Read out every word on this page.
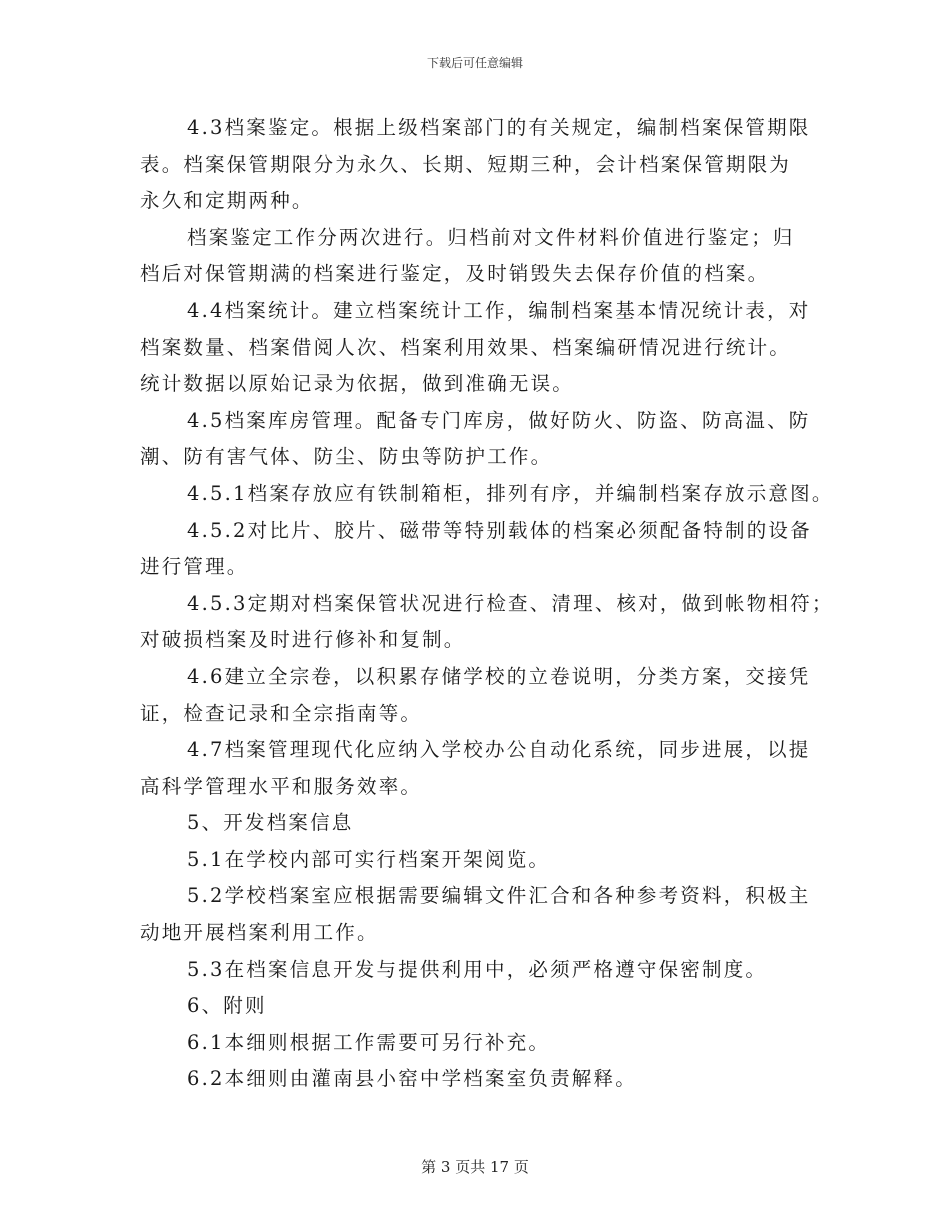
下载后可任意编辑
4.3档案鉴定。根据上级档案部门的有关规定，编制档案保管期限
表。档案保管期限分为永久、长期、短期三种，会计档案保管期限为
永久和定期两种。
档案鉴定工作分两次进行。归档前对文件材料价值进行鉴定；归
档后对保管期满的档案进行鉴定，及时销毁失去保存价值的档案。
4.4档案统计。建立档案统计工作，编制档案基本情况统计表，对
档案数量、档案借阅人次、档案利用效果、档案编研情况进行统计。
统计数据以原始记录为依据，做到准确无误。
4.5档案库房管理。配备专门库房，做好防火、防盗、防高温、防
潮、防有害气体、防尘、防虫等防护工作。
4.5.1档案存放应有铁制箱柜，排列有序，并编制档案存放示意图。
4.5.2对比片、胶片、磁带等特别载体的档案必须配备特制的设备
进行管理。
4.5.3定期对档案保管状况进行检查、清理、核对，做到帐物相符；
对破损档案及时进行修补和复制。
4.6建立全宗卷，以积累存储学校的立卷说明，分类方案，交接凭
证，检查记录和全宗指南等。
4.7档案管理现代化应纳入学校办公自动化系统，同步进展，以提
高科学管理水平和服务效率。
5、开发档案信息
5.1在学校内部可实行档案开架阅览。
5.2学校档案室应根据需要编辑文件汇合和各种参考资料，积极主
动地开展档案利用工作。
5.3在档案信息开发与提供利用中，必须严格遵守保密制度。
6、附则
6.1本细则根据工作需要可另行补充。
6.2本细则由灌南县小窑中学档案室负责解释。
第 3 页共 17 页
